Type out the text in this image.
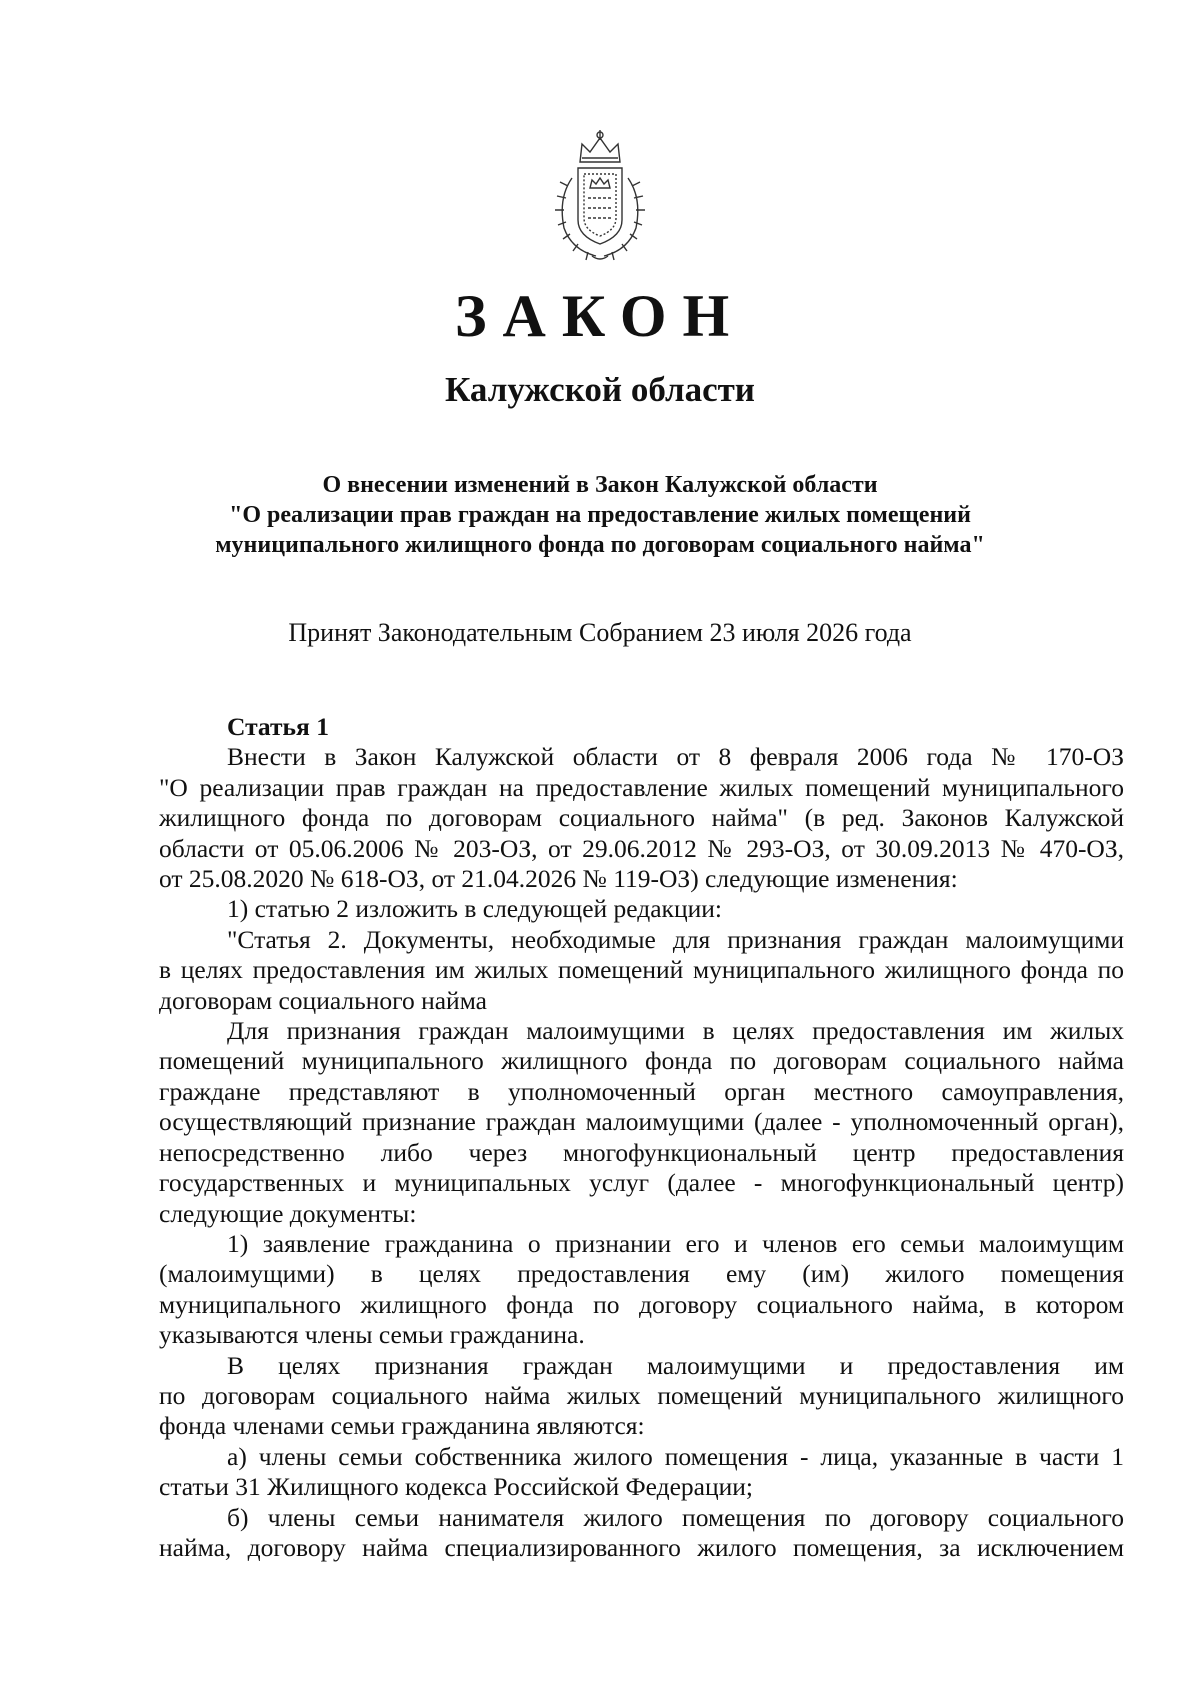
ЗАКОН
Калужской области
О внесении изменений в Закон Калужской области
"О реализации прав граждан на предоставление жилых помещений
муниципального жилищного фонда по договорам социального найма"
Принят Законодательным Собранием 23 июля 2026 года
Статья 1
Внести в Закон Калужской области от 8 февраля 2006 года № 170-ОЗ
"О реализации прав граждан на предоставление жилых помещений муниципального
жилищного фонда по договорам социального найма" (в ред. Законов Калужской
области от 05.06.2006 № 203-ОЗ, от 29.06.2012 № 293-ОЗ, от 30.09.2013 № 470-ОЗ,
от 25.08.2020 № 618-ОЗ, от 21.04.2026 № 119-ОЗ) следующие изменения:
1) статью 2 изложить в следующей редакции:
"Статья 2. Документы, необходимые для признания граждан малоимущими
в целях предоставления им жилых помещений муниципального жилищного фонда по
договорам социального найма
Для признания граждан малоимущими в целях предоставления им жилых
помещений муниципального жилищного фонда по договорам социального найма
граждане представляют в уполномоченный орган местного самоуправления,
осуществляющий признание граждан малоимущими (далее - уполномоченный орган),
непосредственно либо через многофункциональный центр предоставления
государственных и муниципальных услуг (далее - многофункциональный центр)
следующие документы:
1) заявление гражданина о признании его и членов его семьи малоимущим
(малоимущими) в целях предоставления ему (им) жилого помещения
муниципального жилищного фонда по договору социального найма, в котором
указываются члены семьи гражданина.
В целях признания граждан малоимущими и предоставления им
по договорам социального найма жилых помещений муниципального жилищного
фонда членами семьи гражданина являются:
а) члены семьи собственника жилого помещения - лица, указанные в части 1
статьи 31 Жилищного кодекса Российской Федерации;
б) члены семьи нанимателя жилого помещения по договору социального
найма, договору найма специализированного жилого помещения, за исключением
